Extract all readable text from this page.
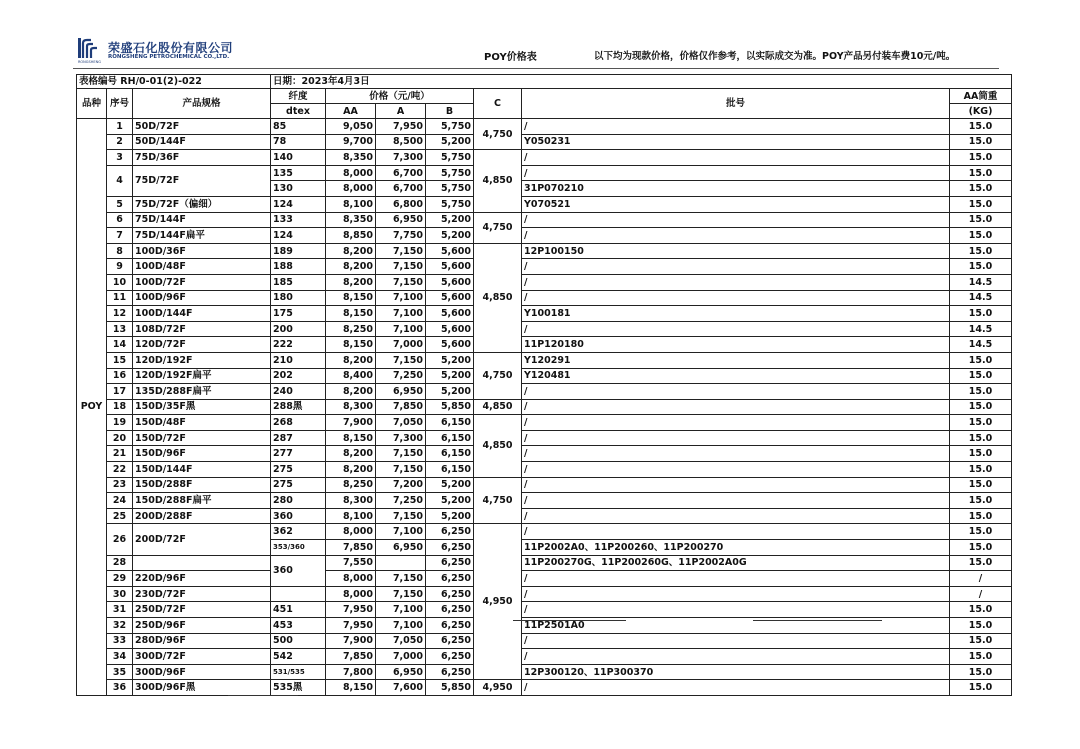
荣盛石化股份有限公司
RONGSHENG PETROCHEMICAL CO.,LTD.
RONGSHENG	POY价格表	以下均为现款价格，价格仅作参考，以实际成交为准。POY产品另付装车费10元/吨。
表格编号 RH/0-01(2)-022			日期：2023年4月3日						
品种	序号	产品规格	纤度	价格（元/吨）			C	批号	AA筒重
			dtex	AA	A	B			(KG)
POY	1	50D/72F	85	9,050	7,950	5,750	4,750	/	15.0
	2	50D/144F	78	9,700	8,500	5,200		Y050231	15.0
	3	75D/36F	140	8,350	7,300	5,750	4,850	/	15.0
	4	75D/72F	135	8,000	6,700	5,750		/	15.0
			130	8,000	6,700	5,750		31P070210	15.0
	5	75D/72F（偏细）	124	8,100	6,800	5,750		Y070521	15.0
	6	75D/144F	133	8,350	6,950	5,200	4,750	/	15.0
	7	75D/144F扁平	124	8,850	7,750	5,200		/	15.0
	8	100D/36F	189	8,200	7,150	5,600	4,850	12P100150	15.0
	9	100D/48F	188	8,200	7,150	5,600		/	15.0
	10	100D/72F	185	8,200	7,150	5,600		/	14.5
	11	100D/96F	180	8,150	7,100	5,600		/	14.5
	12	100D/144F	175	8,150	7,100	5,600		Y100181	15.0
	13	108D/72F	200	8,250	7,100	5,600		/	14.5
	14	120D/72F	222	8,150	7,000	5,600		11P120180	14.5
	15	120D/192F	210	8,200	7,150	5,200	4,750	Y120291	15.0
	16	120D/192F扁平	202	8,400	7,250	5,200		Y120481	15.0
	17	135D/288F扁平	240	8,200	6,950	5,200		/	15.0
	18	150D/35F黑	288黑	8,300	7,850	5,850	4,850	/	15.0
	19	150D/48F	268	7,900	7,050	6,150	4,850	/	15.0
	20	150D/72F	287	8,150	7,300	6,150		/	15.0
	21	150D/96F	277	8,200	7,150	6,150		/	15.0
	22	150D/144F	275	8,200	7,150	6,150		/	15.0
	23	150D/288F	275	8,250	7,200	5,200	4,750	/	15.0
	24	150D/288F扁平	280	8,300	7,250	5,200		/	15.0
	25	200D/288F	360	8,100	7,150	5,200		/	15.0
	26	200D/72F	362	8,000	7,100	6,250	4,950	/	15.0
			353/360	7,850	6,950	6,250		11P2002A0、11P200260、11P200270	15.0
	28		360	7,550		6,250		11P200270G、11P200260G、11P2002A0G	15.0
	29	220D/96F		8,000	7,150	6,250		/	/
	30	230D/72F		8,000	7,150	6,250		/	/
	31	250D/72F	451	7,950	7,100	6,250		/	15.0
	32	250D/96F	453	7,950	7,100	6,250		11P2501A0	15.0
	33	280D/96F	500	7,900	7,050	6,250		/	15.0
	34	300D/72F	542	7,850	7,000	6,250		/	15.0
	35	300D/96F	531/535	7,800	6,950	6,250		12P300120、11P300370	15.0
	36	300D/96F黑	535黑	8,150	7,600	5,850	4,950	/	15.0
